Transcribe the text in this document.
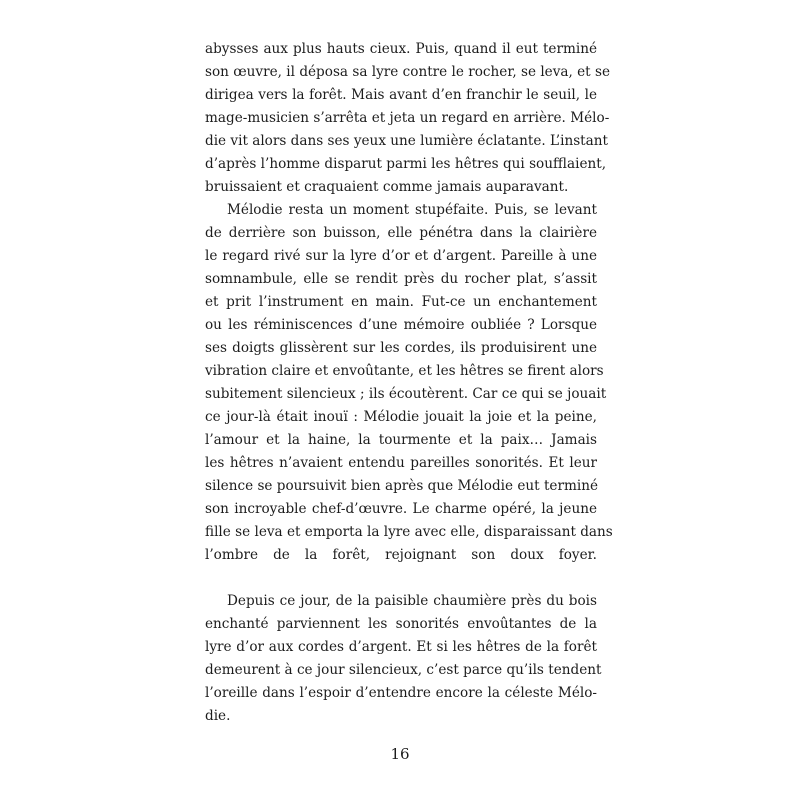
abysses aux plus hauts cieux. Puis, quand il eut terminé
son œuvre, il déposa sa lyre contre le rocher, se leva, et se
dirigea vers la forêt. Mais avant d’en franchir le seuil, le
mage-musicien s’arrêta et jeta un regard en arrière. Mélo-
die vit alors dans ses yeux une lumière éclatante. L’instant
d’après l’homme disparut parmi les hêtres qui soufflaient,
bruissaient et craquaient comme jamais auparavant.
Mélodie resta un moment stupéfaite. Puis, se levant
de derrière son buisson, elle pénétra dans la clairière
le regard rivé sur la lyre d’or et d’argent. Pareille à une
somnambule, elle se rendit près du rocher plat, s’assit
et prit l’instrument en main. Fut-ce un enchantement
ou les réminiscences d’une mémoire oubliée ? Lorsque
ses doigts glissèrent sur les cordes, ils produisirent une
vibration claire et envoûtante, et les hêtres se firent alors
subitement silencieux ; ils écoutèrent. Car ce qui se jouait
ce jour-là était inouï : Mélodie jouait la joie et la peine,
l’amour et la haine, la tourmente et la paix… Jamais
les hêtres n’avaient entendu pareilles sonorités. Et leur
silence se poursuivit bien après que Mélodie eut terminé
son incroyable chef-d’œuvre. Le charme opéré, la jeune
fille se leva et emporta la lyre avec elle, disparaissant dans
l’ombre de la forêt, rejoignant son doux foyer.
Depuis ce jour, de la paisible chaumière près du bois
enchanté parviennent les sonorités envoûtantes de la
lyre d’or aux cordes d’argent. Et si les hêtres de la forêt
demeurent à ce jour silencieux, c’est parce qu’ils tendent
l’oreille dans l’espoir d’entendre encore la céleste Mélo-
die.
16
